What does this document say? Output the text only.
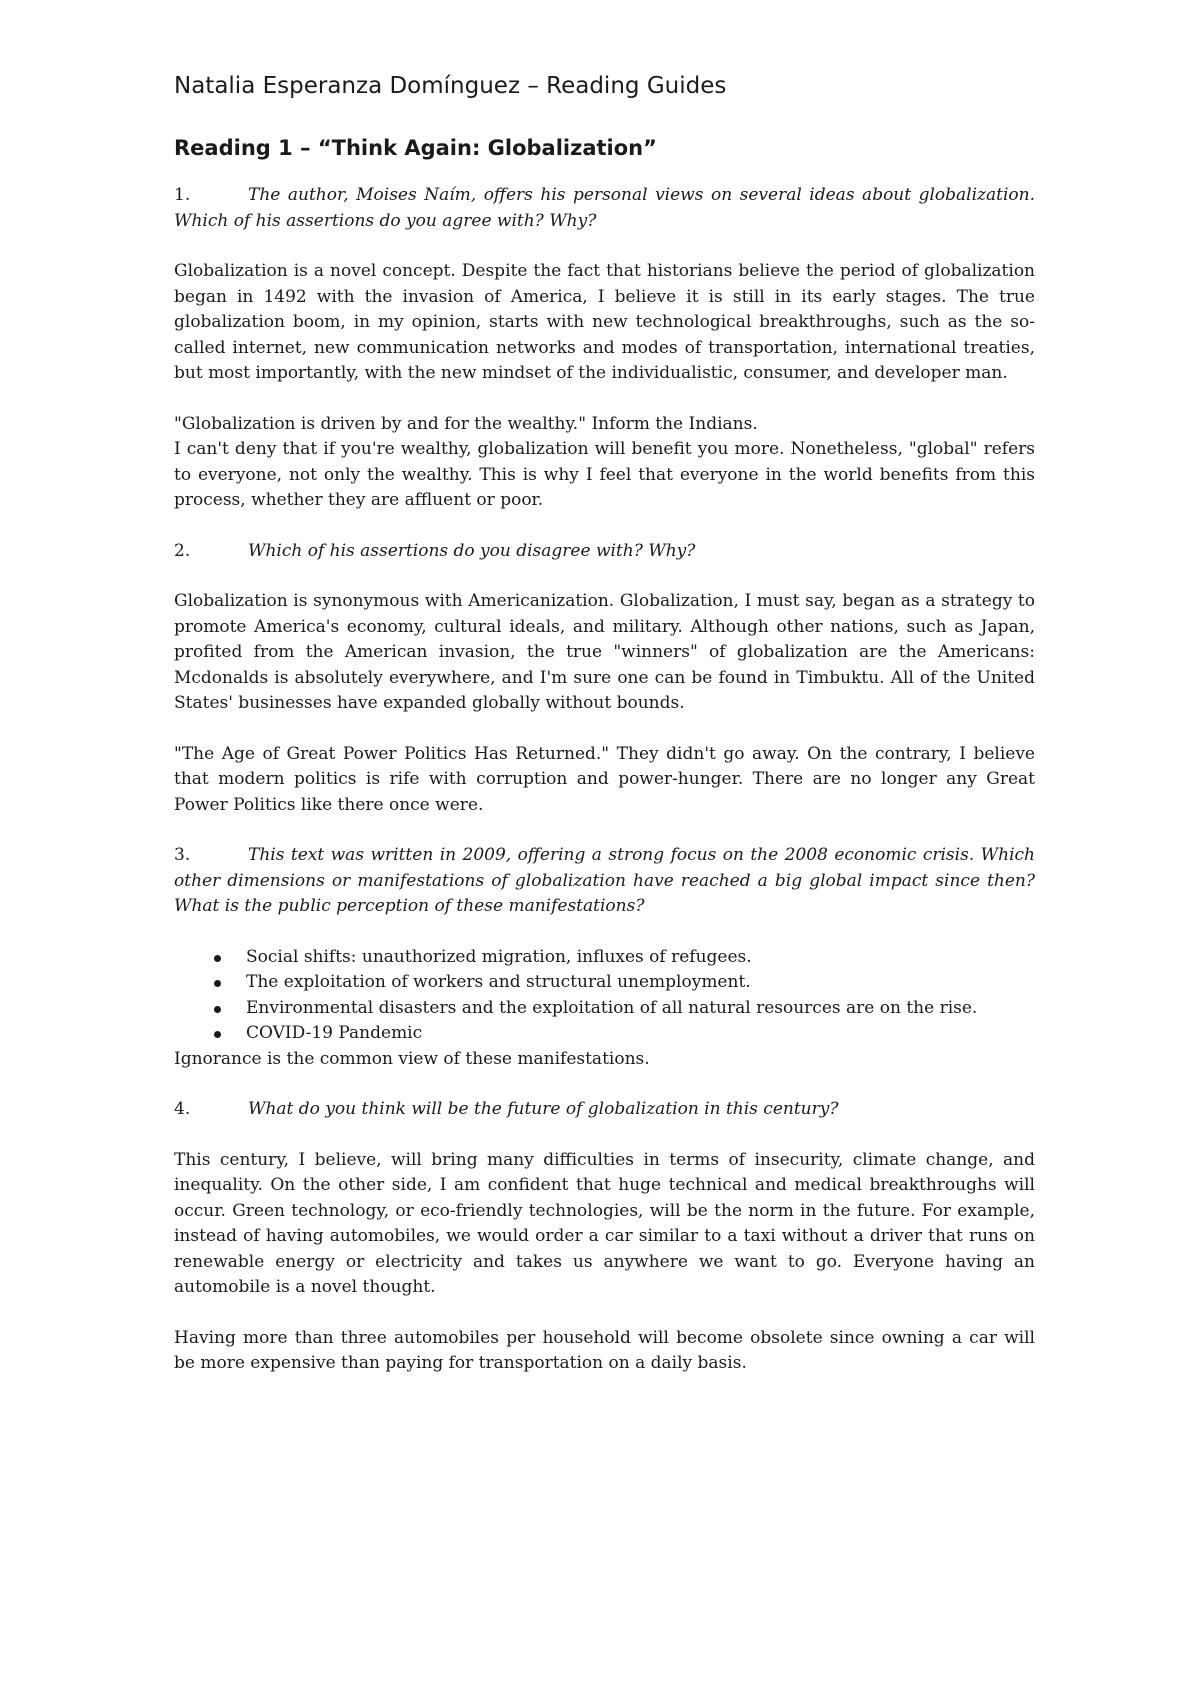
Natalia Esperanza Domínguez – Reading Guides
Reading 1 – “Think Again: Globalization”
1.	The author, Moises Naím, offers his personal views on several ideas about globalization. Which of his assertions do you agree with? Why?
Globalization is a novel concept. Despite the fact that historians believe the period of globalization began in 1492 with the invasion of America, I believe it is still in its early stages. The true globalization boom, in my opinion, starts with new technological breakthroughs, such as the so-called internet, new communication networks and modes of transportation, international treaties, but most importantly, with the new mindset of the individualistic, consumer, and developer man.
"Globalization is driven by and for the wealthy." Inform the Indians.
I can't deny that if you're wealthy, globalization will benefit you more. Nonetheless, "global" refers to everyone, not only the wealthy. This is why I feel that everyone in the world benefits from this process, whether they are affluent or poor.
2.	Which of his assertions do you disagree with? Why?
Globalization is synonymous with Americanization. Globalization, I must say, began as a strategy to promote America's economy, cultural ideals, and military. Although other nations, such as Japan, profited from the American invasion, the true "winners" of globalization are the Americans: Mcdonalds is absolutely everywhere, and I'm sure one can be found in Timbuktu. All of the United States' businesses have expanded globally without bounds.
"The Age of Great Power Politics Has Returned." They didn't go away. On the contrary, I believe that modern politics is rife with corruption and power-hunger. There are no longer any Great Power Politics like there once were.
3.	This text was written in 2009, offering a strong focus on the 2008 economic crisis. Which other dimensions or manifestations of globalization have reached a big global impact since then? What is the public perception of these manifestations?
Social shifts: unauthorized migration, influxes of refugees.
The exploitation of workers and structural unemployment.
Environmental disasters and the exploitation of all natural resources are on the rise.
COVID-19 Pandemic
Ignorance is the common view of these manifestations.
4.	What do you think will be the future of globalization in this century?
This century, I believe, will bring many difficulties in terms of insecurity, climate change, and inequality. On the other side, I am confident that huge technical and medical breakthroughs will occur. Green technology, or eco-friendly technologies, will be the norm in the future. For example, instead of having automobiles, we would order a car similar to a taxi without a driver that runs on renewable energy or electricity and takes us anywhere we want to go. Everyone having an automobile is a novel thought.
Having more than three automobiles per household will become obsolete since owning a car will be more expensive than paying for transportation on a daily basis.
